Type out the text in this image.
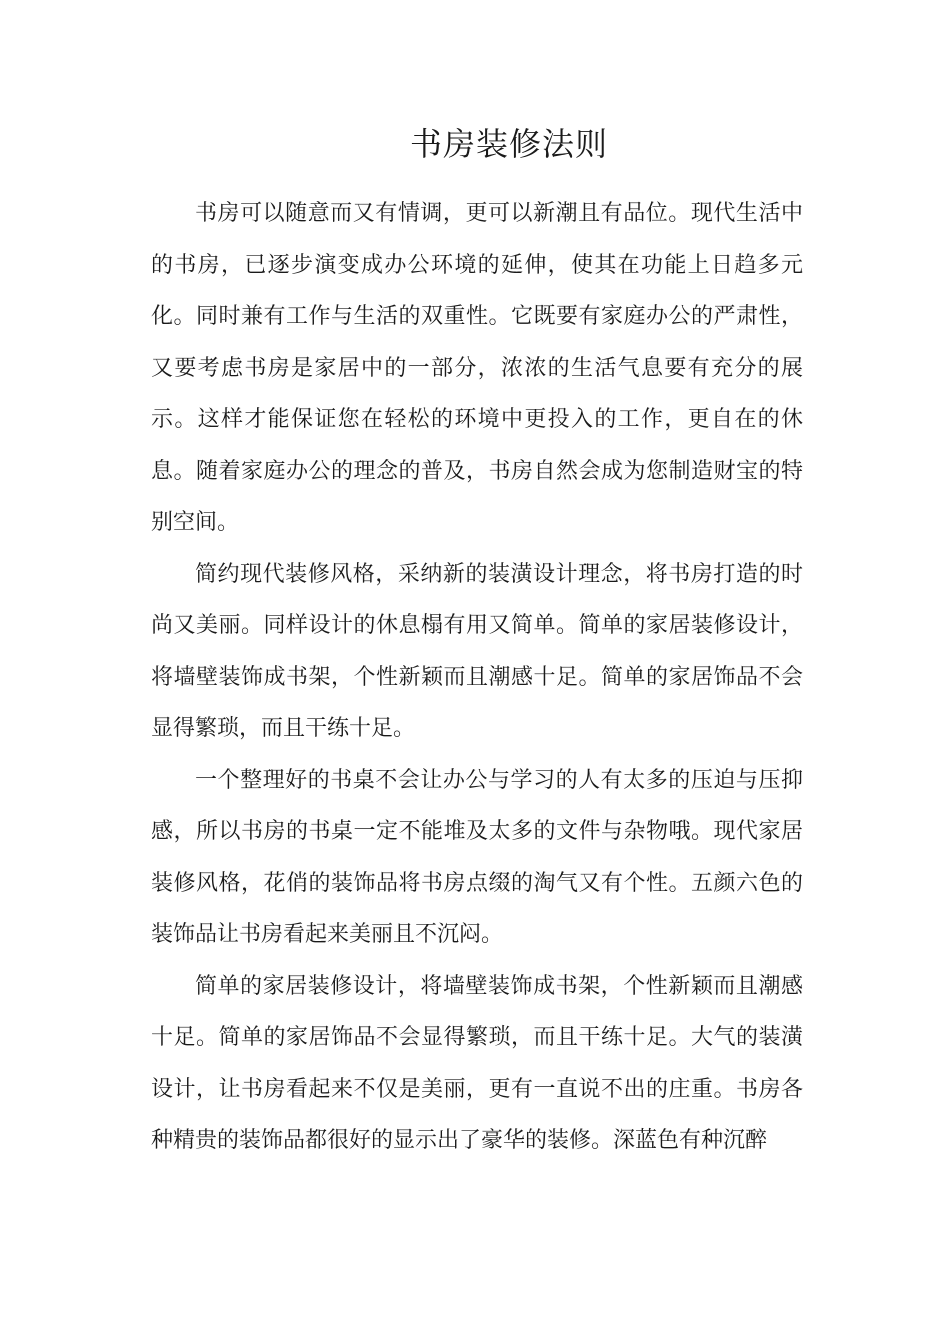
书房装修法则

书房可以随意而又有情调，更可以新潮且有品位。现代生活中的书房，已逐步演变成办公环境的延伸，使其在功能上日趋多元化。同时兼有工作与生活的双重性。它既要有家庭办公的严肃性，又要考虑书房是家居中的一部分，浓浓的生活气息要有充分的展示。这样才能保证您在轻松的环境中更投入的工作，更自在的休息。随着家庭办公的理念的普及，书房自然会成为您制造财宝的特别空间。

简约现代装修风格，采纳新的装潢设计理念，将书房打造的时尚又美丽。同样设计的休息榻有用又简单。简单的家居装修设计，将墙壁装饰成书架，个性新颖而且潮感十足。简单的家居饰品不会显得繁琐，而且干练十足。

一个整理好的书桌不会让办公与学习的人有太多的压迫与压抑感，所以书房的书桌一定不能堆及太多的文件与杂物哦。现代家居装修风格，花俏的装饰品将书房点缀的淘气又有个性。五颜六色的装饰品让书房看起来美丽且不沉闷。

简单的家居装修设计，将墙壁装饰成书架，个性新颖而且潮感十足。简单的家居饰品不会显得繁琐，而且干练十足。大气的装潢设计，让书房看起来不仅是美丽，更有一直说不出的庄重。书房各种精贵的装饰品都很好的显示出了豪华的装修。深蓝色有种沉醉
